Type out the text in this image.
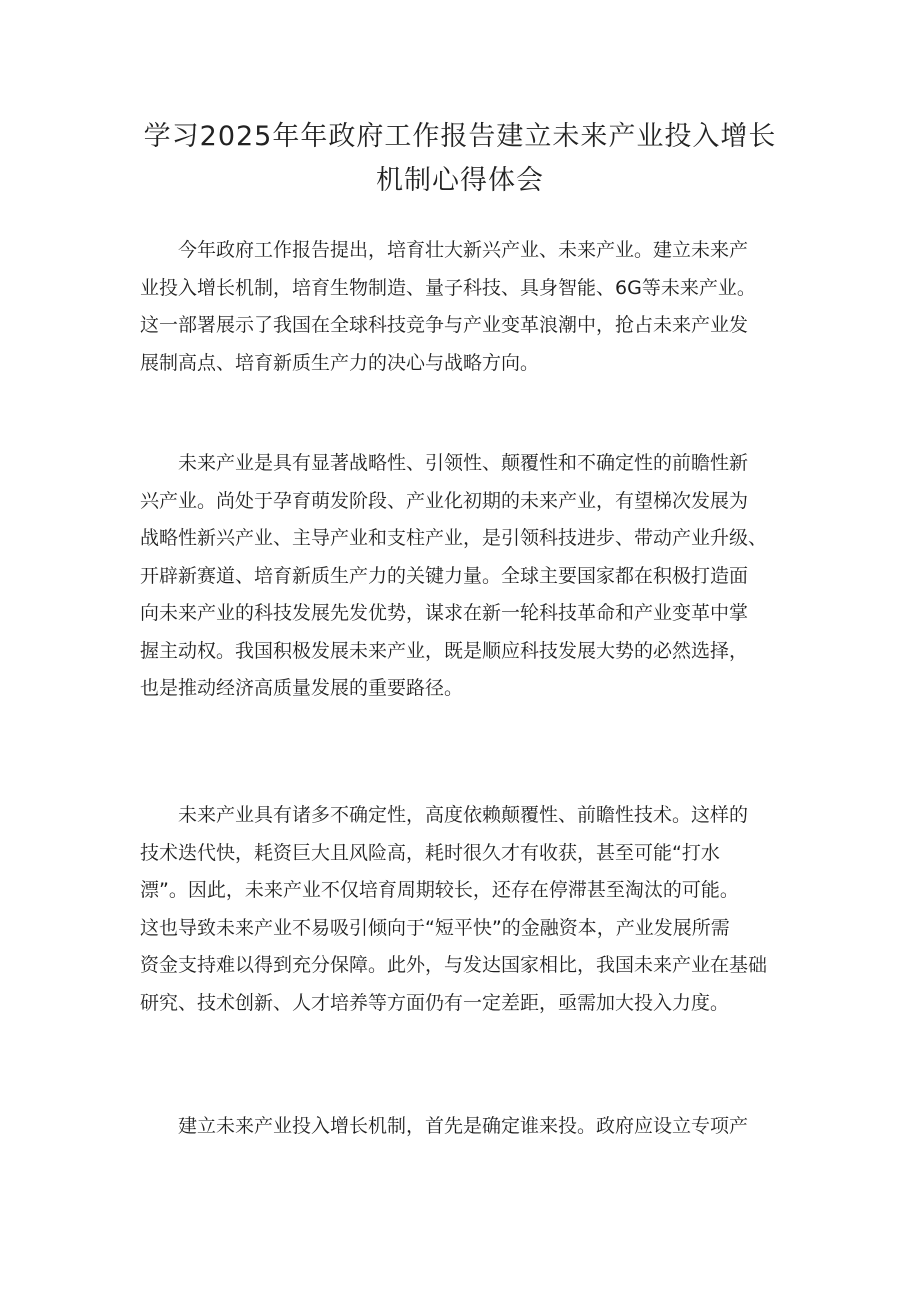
学习2025年年政府工作报告建立未来产业投入增长
机制心得体会

今年政府工作报告提出，培育壮大新兴产业、未来产业。建立未来产
业投入增长机制，培育生物制造、量子科技、具身智能、6G等未来产业。
这一部署展示了我国在全球科技竞争与产业变革浪潮中，抢占未来产业发
展制高点、培育新质生产力的决心与战略方向。

未来产业是具有显著战略性、引领性、颠覆性和不确定性的前瞻性新
兴产业。尚处于孕育萌发阶段、产业化初期的未来产业，有望梯次发展为
战略性新兴产业、主导产业和支柱产业，是引领科技进步、带动产业升级、
开辟新赛道、培育新质生产力的关键力量。全球主要国家都在积极打造面
向未来产业的科技发展先发优势，谋求在新一轮科技革命和产业变革中掌
握主动权。我国积极发展未来产业，既是顺应科技发展大势的必然选择，
也是推动经济高质量发展的重要路径。

未来产业具有诸多不确定性，高度依赖颠覆性、前瞻性技术。这样的
技术迭代快，耗资巨大且风险高，耗时很久才有收获，甚至可能“打水
漂”。因此，未来产业不仅培育周期较长，还存在停滞甚至淘汰的可能。
这也导致未来产业不易吸引倾向于“短平快”的金融资本，产业发展所需
资金支持难以得到充分保障。此外，与发达国家相比，我国未来产业在基础
研究、技术创新、人才培养等方面仍有一定差距，亟需加大投入力度。

建立未来产业投入增长机制，首先是确定谁来投。政府应设立专项产
